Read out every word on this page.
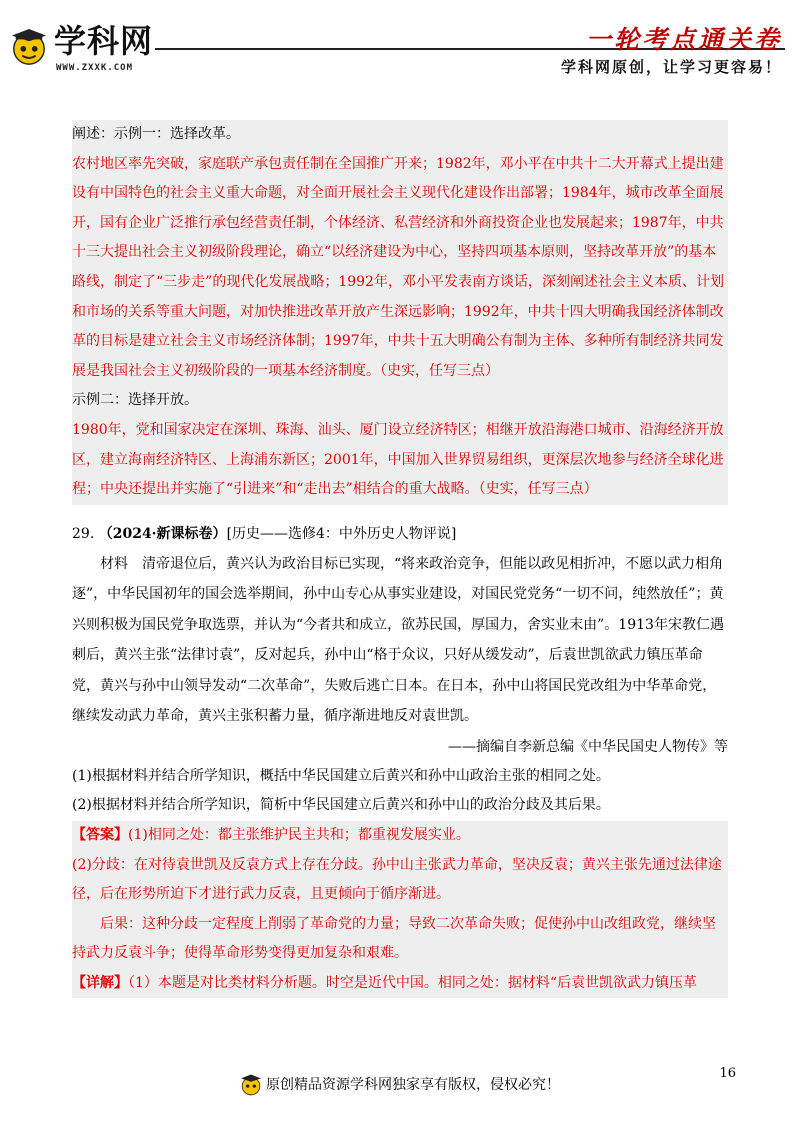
学科网
WWW.ZXXK.COM
一轮考点通关卷
学科网原创，让学习更容易！

阐述：示例一：选择改革。

农村地区率先突破，家庭联产承包责任制在全国推广开来；1982年，邓小平在中共十二大开幕式上提出建设有中国特色的社会主义重大命题，对全面开展社会主义现代化建设作出部署；1984年，城市改革全面展开，国有企业广泛推行承包经营责任制，个体经济、私营经济和外商投资企业也发展起来；1987年，中共十三大提出社会主义初级阶段理论，确立“以经济建设为中心，坚持四项基本原则，坚持改革开放”的基本路线，制定了“三步走”的现代化发展战略；1992年，邓小平发表南方谈话，深刻阐述社会主义本质、计划和市场的关系等重大问题，对加快推进改革开放产生深远影响；1992年，中共十四大明确我国经济体制改革的目标是建立社会主义市场经济体制；1997年，中共十五大明确公有制为主体、多种所有制经济共同发展是我国社会主义初级阶段的一项基本经济制度。（史实，任写三点）

示例二：选择开放。

1980年，党和国家决定在深圳、珠海、汕头、厦门设立经济特区；相继开放沿海港口城市、沿海经济开放区，建立海南经济特区、上海浦东新区；2001年，中国加入世界贸易组织，更深层次地参与经济全球化进程；中央还提出并实施了“引进来”和“走出去”相结合的重大战略。（史实，任写三点）

29. （2024·新课标卷）[历史——选修4：中外历史人物评说]

材料　清帝退位后，黄兴认为政治目标已实现，“将来政治竞争，但能以政见相折冲，不愿以武力相角逐”，中华民国初年的国会选举期间，孙中山专心从事实业建设，对国民党党务“一切不问，纯然放任”；黄兴则积极为国民党争取选票，并认为“今者共和成立，欲苏民国，厚国力，舍实业末由”。1913年宋教仁遇刺后，黄兴主张“法律讨袁”，反对起兵，孙中山“格于众议，只好从缓发动”，后袁世凯欲武力镇压革命党，黄兴与孙中山领导发动“二次革命”，失败后逃亡日本。在日本，孙中山将国民党改组为中华革命党，继续发动武力革命，黄兴主张积蓄力量，循序渐进地反对袁世凯。

——摘编自李新总编《中华民国史人物传》等

(1)根据材料并结合所学知识，概括中华民国建立后黄兴和孙中山政治主张的相同之处。

(2)根据材料并结合所学知识，简析中华民国建立后黄兴和孙中山的政治分歧及其后果。

【答案】(1)相同之处：都主张维护民主共和；都重视发展实业。

(2)分歧：在对待袁世凯及反袁方式上存在分歧。孙中山主张武力革命，坚决反袁；黄兴主张先通过法律途径，后在形势所迫下才进行武力反袁，且更倾向于循序渐进。

后果：这种分歧一定程度上削弱了革命党的力量；导致二次革命失败；促使孙中山改组政党，继续坚持武力反袁斗争；使得革命形势变得更加复杂和艰难。

【详解】（1）本题是对比类材料分析题。时空是近代中国。相同之处：据材料“后袁世凯欲武力镇压革

16
原创精品资源学科网独家享有版权，侵权必究！
